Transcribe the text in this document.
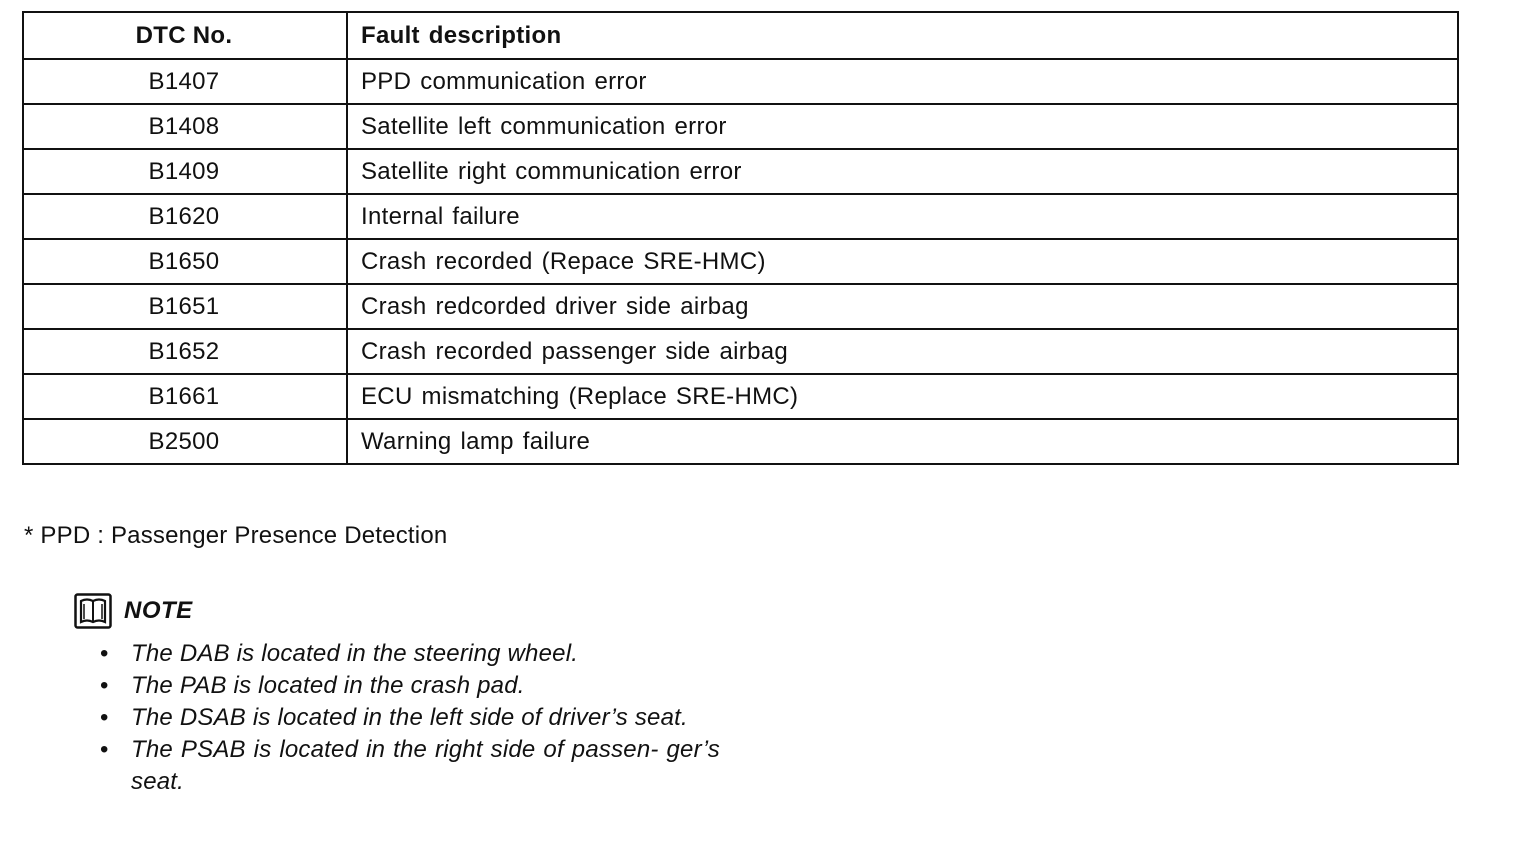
DTC No.	Fault description
B1407	PPD communication error
B1408	Satellite left communication error
B1409	Satellite right communication error
B1620	Internal failure
B1650	Crash recorded (Repace SRE-HMC)
B1651	Crash redcorded driver side airbag
B1652	Crash recorded passenger side airbag
B1661	ECU mismatching (Replace SRE-HMC)
B2500	Warning lamp failure
* PPD : Passenger Presence Detection
NOTE
• The DAB is located in the steering wheel.
• The PAB is located in the crash pad.
• The DSAB is located in the left side of driver’s seat.
• The PSAB is located in the right side of passen- ger’s seat.
